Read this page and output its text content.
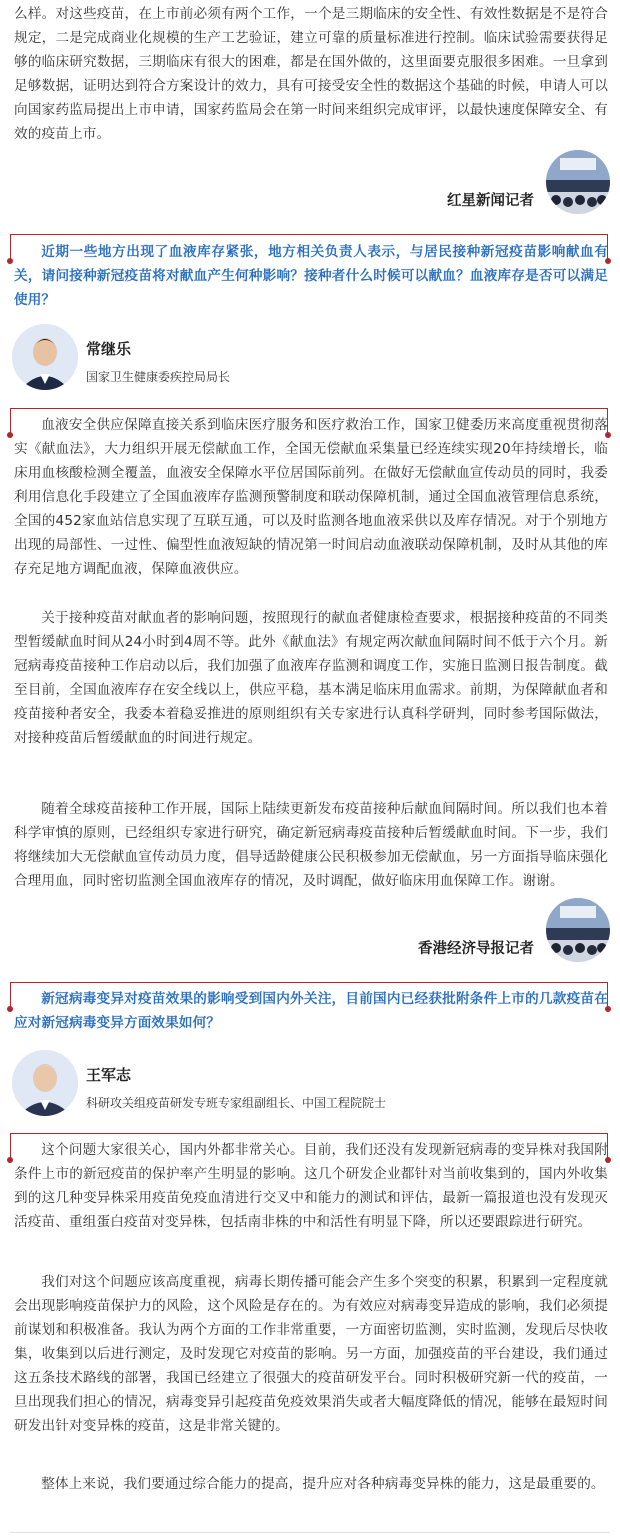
么样。对这些疫苗，在上市前必须有两个工作，一个是三期临床的安全性、有效性数据是不是符合规定，二是完成商业化规模的生产工艺验证，建立可靠的质量标准进行控制。临床试验需要获得足够的临床研究数据，三期临床有很大的困难，都是在国外做的，这里面要克服很多困难。一旦拿到足够数据，证明达到符合方案设计的效力，具有可接受安全性的数据这个基础的时候，申请人可以向国家药监局提出上市申请，国家药监局会在第一时间来组织完成审评，以最快速度保障安全、有效的疫苗上市。

红星新闻记者

近期一些地方出现了血液库存紧张，地方相关负责人表示，与居民接种新冠疫苗影响献血有关，请问接种新冠疫苗将对献血产生何种影响？接种者什么时候可以献血？血液库存是否可以满足使用？

常继乐
国家卫生健康委疾控局局长

血液安全供应保障直接关系到临床医疗服务和医疗救治工作，国家卫健委历来高度重视贯彻落实《献血法》，大力组织开展无偿献血工作，全国无偿献血采集量已经连续实现20年持续增长，临床用血核酸检测全覆盖，血液安全保障水平位居国际前列。在做好无偿献血宣传动员的同时，我委利用信息化手段建立了全国血液库存监测预警制度和联动保障机制，通过全国血液管理信息系统，全国的452家血站信息实现了互联互通，可以及时监测各地血液采供以及库存情况。对于个别地方出现的局部性、一过性、偏型性血液短缺的情况第一时间启动血液联动保障机制，及时从其他的库存充足地方调配血液，保障血液供应。

关于接种疫苗对献血者的影响问题，按照现行的献血者健康检查要求，根据接种疫苗的不同类型暂缓献血时间从24小时到4周不等。此外《献血法》有规定两次献血间隔时间不低于六个月。新冠病毒疫苗接种工作启动以后，我们加强了血液库存监测和调度工作，实施日监测日报告制度。截至目前，全国血液库存在安全线以上，供应平稳，基本满足临床用血需求。前期，为保障献血者和疫苗接种者安全，我委本着稳妥推进的原则组织有关专家进行认真科学研判，同时参考国际做法，对接种疫苗后暂缓献血的时间进行规定。

随着全球疫苗接种工作开展，国际上陆续更新发布疫苗接种后献血间隔时间。所以我们也本着科学审慎的原则，已经组织专家进行研究，确定新冠病毒疫苗接种后暂缓献血时间。下一步，我们将继续加大无偿献血宣传动员力度，倡导适龄健康公民积极参加无偿献血，另一方面指导临床强化合理用血，同时密切监测全国血液库存的情况，及时调配，做好临床用血保障工作。谢谢。

香港经济导报记者

新冠病毒变异对疫苗效果的影响受到国内外关注，目前国内已经获批附条件上市的几款疫苗在应对新冠病毒变异方面效果如何？

王军志
科研攻关组疫苗研发专班专家组副组长、中国工程院院士

这个问题大家很关心，国内外都非常关心。目前，我们还没有发现新冠病毒的变异株对我国附条件上市的新冠疫苗的保护率产生明显的影响。这几个研发企业都针对当前收集到的，国内外收集到的这几种变异株采用疫苗免疫血清进行交叉中和能力的测试和评估，最新一篇报道也没有发现灭活疫苗、重组蛋白疫苗对变异株，包括南非株的中和活性有明显下降，所以还要跟踪进行研究。

我们对这个问题应该高度重视，病毒长期传播可能会产生多个突变的积累，积累到一定程度就会出现影响疫苗保护力的风险，这个风险是存在的。为有效应对病毒变异造成的影响，我们必须提前谋划和积极准备。我认为两个方面的工作非常重要，一方面密切监测，实时监测，发现后尽快收集，收集到以后进行测定，及时发现它对疫苗的影响。另一方面，加强疫苗的平台建设，我们通过这五条技术路线的部署，我国已经建立了很强大的疫苗研发平台。同时积极研究新一代的疫苗，一旦出现我们担心的情况，病毒变异引起疫苗免疫效果消失或者大幅度降低的情况，能够在最短时间研发出针对变异株的疫苗，这是非常关键的。

整体上来说，我们要通过综合能力的提高，提升应对各种病毒变异株的能力，这是最重要的。
